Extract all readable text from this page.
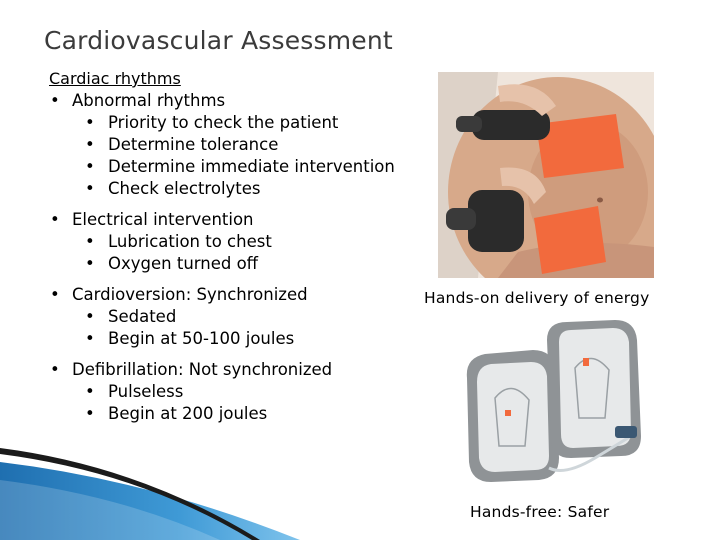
Cardiovascular Assessment
Cardiac rhythms
• Abnormal rhythms
• Priority to check the patient
• Determine tolerance
• Determine immediate intervention
• Check electrolytes
• Electrical intervention
• Lubrication to chest
• Oxygen turned off
• Cardioversion: Synchronized
• Sedated
• Begin at 50-100 joules
• Defibrillation: Not synchronized
• Pulseless
• Begin at 200 joules
Hands-on delivery of energy
Hands-free: Safer
